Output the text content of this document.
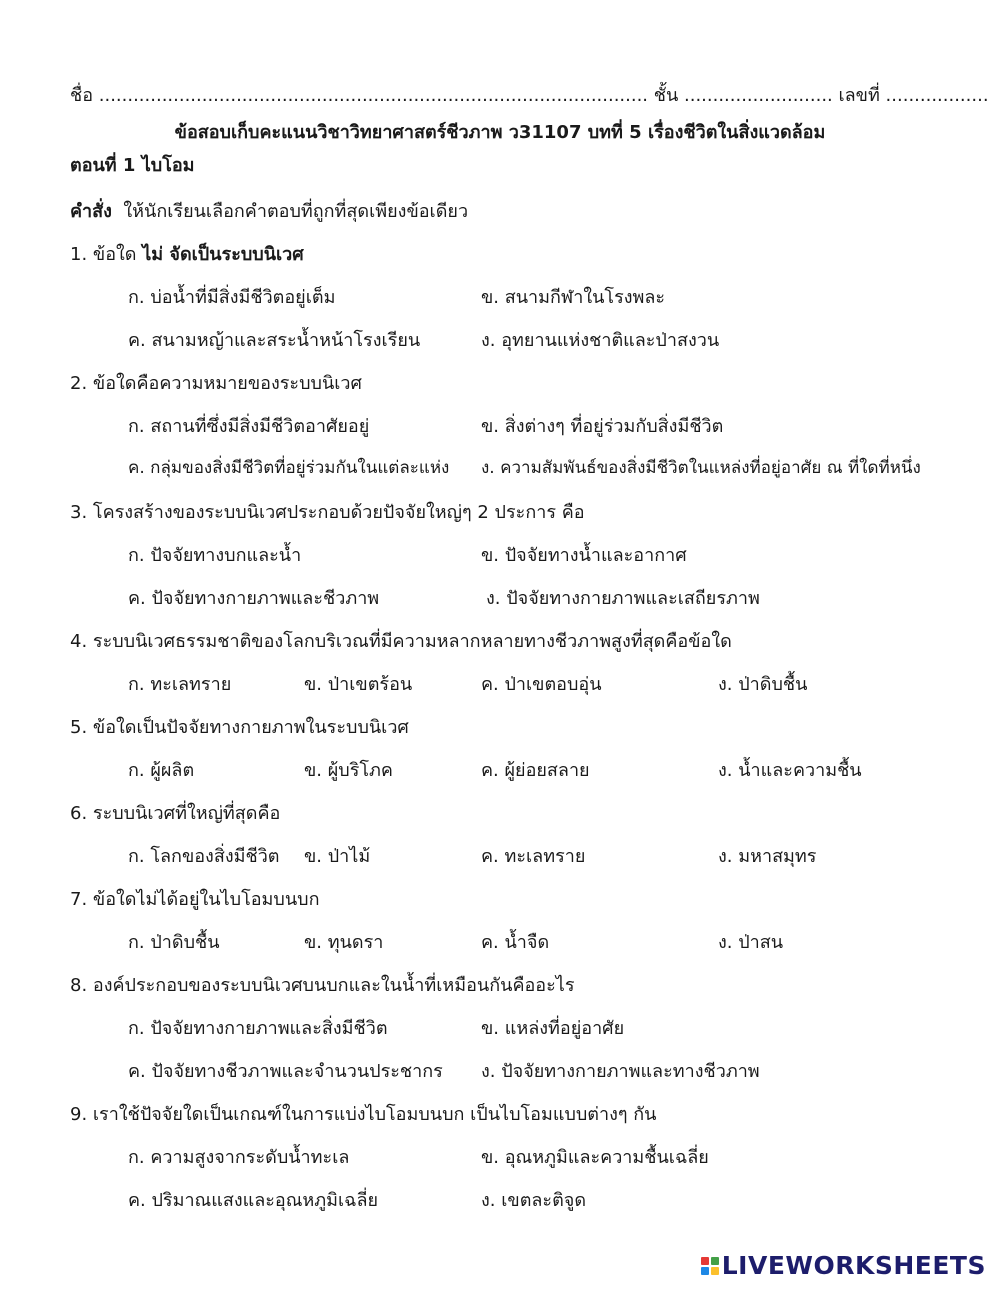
ชื่อ ................................................................................................ ชั้น .......................... เลขที่ ..................
ข้อสอบเก็บคะแนนวิชาวิทยาศาสตร์ชีวภาพ ว31107 บทที่ 5 เรื่องชีวิตในสิ่งแวดล้อม
ตอนที่ 1 ไบโอม
คำสั่ง ให้นักเรียนเลือกคำตอบที่ถูกที่สุดเพียงข้อเดียว
1. ข้อใด ไม่ จัดเป็นระบบนิเวศ
ก. บ่อน้ำที่มีสิ่งมีชีวิตอยู่เต็ม	ข. สนามกีฬาในโรงพละ
ค. สนามหญ้าและสระน้ำหน้าโรงเรียน	ง. อุทยานแห่งชาติและป่าสงวน
2. ข้อใดคือความหมายของระบบนิเวศ
ก. สถานที่ซึ่งมีสิ่งมีชีวิตอาศัยอยู่	ข. สิ่งต่างๆ ที่อยู่ร่วมกับสิ่งมีชีวิต
ค. กลุ่มของสิ่งมีชีวิตที่อยู่ร่วมกันในแต่ละแห่ง ง. ความสัมพันธ์ของสิ่งมีชีวิตในแหล่งที่อยู่อาศัย ณ ที่ใดที่หนึ่ง
3. โครงสร้างของระบบนิเวศประกอบด้วยปัจจัยใหญ่ๆ 2 ประการ คือ
ก. ปัจจัยทางบกและน้ำ	ข. ปัจจัยทางน้ำและอากาศ
ค. ปัจจัยทางกายภาพและชีวภาพ	ง. ปัจจัยทางกายภาพและเสถียรภาพ
4. ระบบนิเวศธรรมชาติของโลกบริเวณที่มีความหลากหลายทางชีวภาพสูงที่สุดคือข้อใด
ก. ทะเลทราย	ข. ป่าเขตร้อน	ค. ป่าเขตอบอุ่น	ง. ป่าดิบชื้น
5. ข้อใดเป็นปัจจัยทางกายภาพในระบบนิเวศ
ก. ผู้ผลิต	ข. ผู้บริโภค	ค. ผู้ย่อยสลาย	ง. น้ำและความชื้น
6. ระบบนิเวศที่ใหญ่ที่สุดคือ
ก. โลกของสิ่งมีชีวิต ข. ป่าไม้	ค. ทะเลทราย	ง. มหาสมุทร
7. ข้อใดไม่ได้อยู่ในไบโอมบนบก
ก. ป่าดิบชื้น	ข. ทุนดรา	ค. น้ำจืด	ง. ป่าสน
8. องค์ประกอบของระบบนิเวศบนบกและในน้ำที่เหมือนกันคืออะไร
ก. ปัจจัยทางกายภาพและสิ่งมีชีวิต	ข. แหล่งที่อยู่อาศัย
ค. ปัจจัยทางชีวภาพและจำนวนประชากร ง. ปัจจัยทางกายภาพและทางชีวภาพ
9. เราใช้ปัจจัยใดเป็นเกณฑ์ในการแบ่งไบโอมบนบก เป็นไบโอมแบบต่างๆ กัน
ก. ความสูงจากระดับน้ำทะเล	ข. อุณหภูมิและความชื้นเฉลี่ย
ค. ปริมาณแสงและอุณหภูมิเฉลี่ย	ง. เขตละติจูด
LIVEWORKSHEETS
